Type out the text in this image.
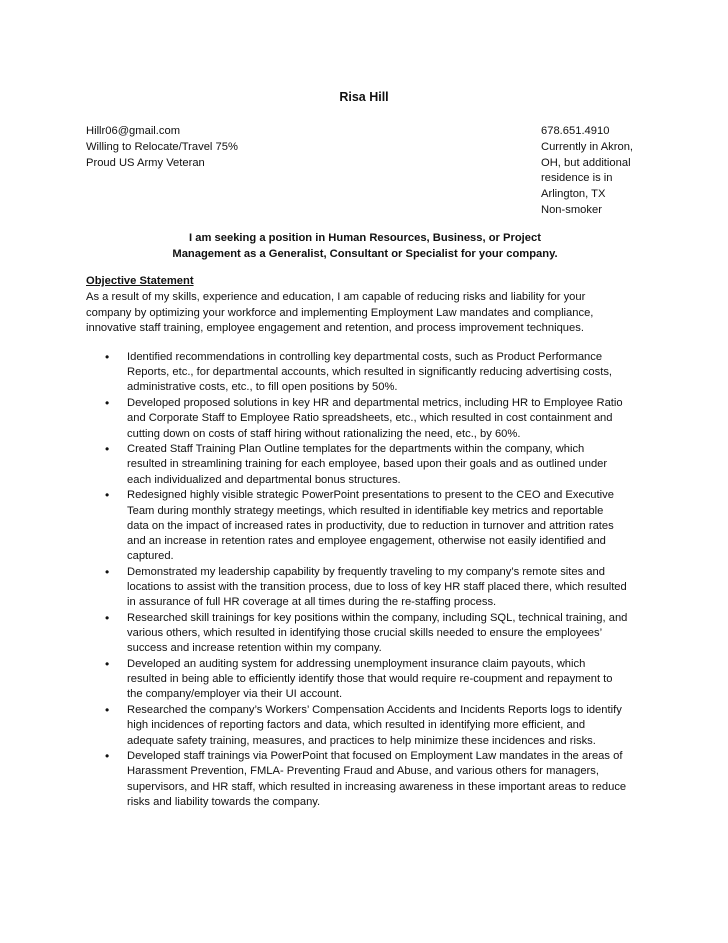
Risa Hill
Hillr06@gmail.com
Willing to Relocate/Travel 75%
Proud US Army Veteran
678.651.4910
Currently in Akron,
OH, but additional
residence is in
Arlington, TX
Non-smoker
I am seeking a position in Human Resources, Business, or Project
Management as a Generalist, Consultant or Specialist for your company.
Objective Statement
As a result of my skills, experience and education, I am capable of reducing risks and liability for your
company by optimizing your workforce and implementing Employment Law mandates and compliance,
innovative staff training, employee engagement and retention, and process improvement techniques.
• Identified recommendations in controlling key departmental costs, such as Product Performance
Reports, etc., for departmental accounts, which resulted in significantly reducing advertising costs,
administrative costs, etc., to fill open positions by 50%.
• Developed proposed solutions in key HR and departmental metrics, including HR to Employee Ratio
and Corporate Staff to Employee Ratio spreadsheets, etc., which resulted in cost containment and
cutting down on costs of staff hiring without rationalizing the need, etc., by 60%.
• Created Staff Training Plan Outline templates for the departments within the company, which
resulted in streamlining training for each employee, based upon their goals and as outlined under
each individualized and departmental bonus structures.
• Redesigned highly visible strategic PowerPoint presentations to present to the CEO and Executive
Team during monthly strategy meetings, which resulted in identifiable key metrics and reportable
data on the impact of increased rates in productivity, due to reduction in turnover and attrition rates
and an increase in retention rates and employee engagement, otherwise not easily identified and
captured.
• Demonstrated my leadership capability by frequently traveling to my company’s remote sites and
locations to assist with the transition process, due to loss of key HR staff placed there, which resulted
in assurance of full HR coverage at all times during the re-staffing process.
• Researched skill trainings for key positions within the company, including SQL, technical training, and
various others, which resulted in identifying those crucial skills needed to ensure the employees’
success and increase retention within my company.
• Developed an auditing system for addressing unemployment insurance claim payouts, which
resulted in being able to efficiently identify those that would require re-coupment and repayment to
the company/employer via their UI account.
• Researched the company’s Workers’ Compensation Accidents and Incidents Reports logs to identify
high incidences of reporting factors and data, which resulted in identifying more efficient, and
adequate safety training, measures, and practices to help minimize these incidences and risks.
• Developed staff trainings via PowerPoint that focused on Employment Law mandates in the areas of
Harassment Prevention, FMLA- Preventing Fraud and Abuse, and various others for managers,
supervisors, and HR staff, which resulted in increasing awareness in these important areas to reduce
risks and liability towards the company.
